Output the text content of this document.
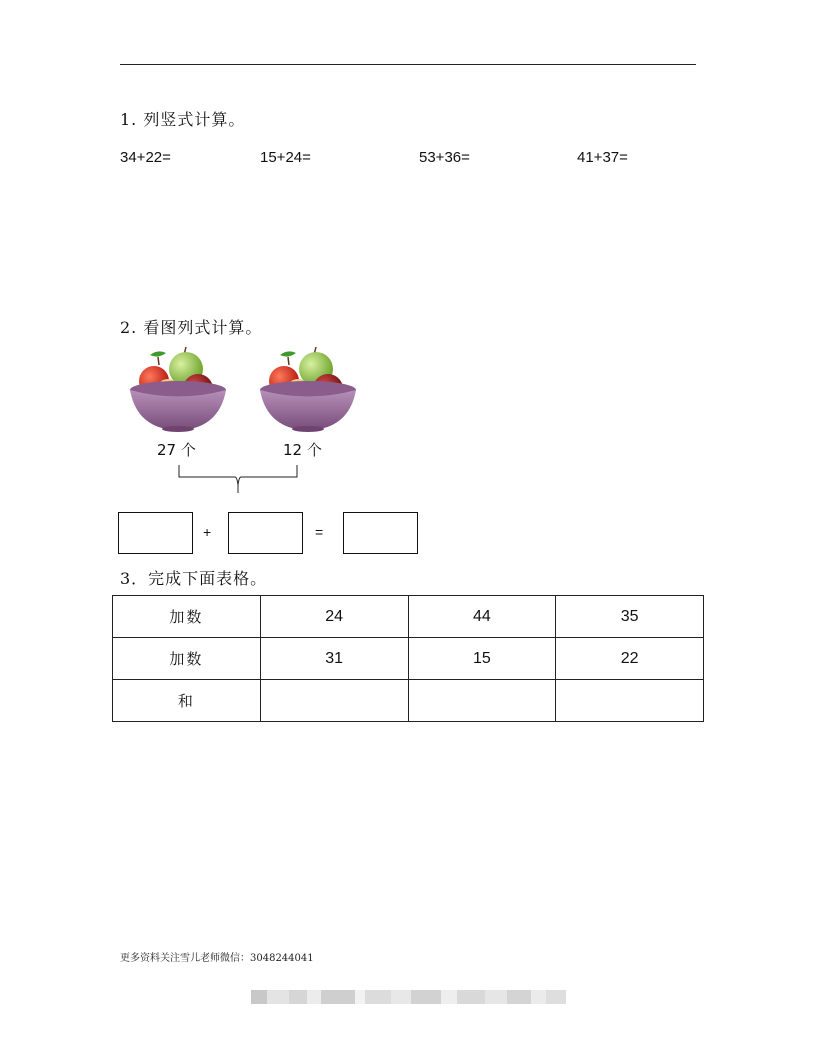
1. 列竖式计算。
34+22=	15+24=	53+36=	41+37=
2. 看图列式计算。
27 个	12 个
+	=
3．完成下面表格。
加数	24	44	35
加数	31	15	22
和			
更多资料关注雪儿老师微信：3048244041
